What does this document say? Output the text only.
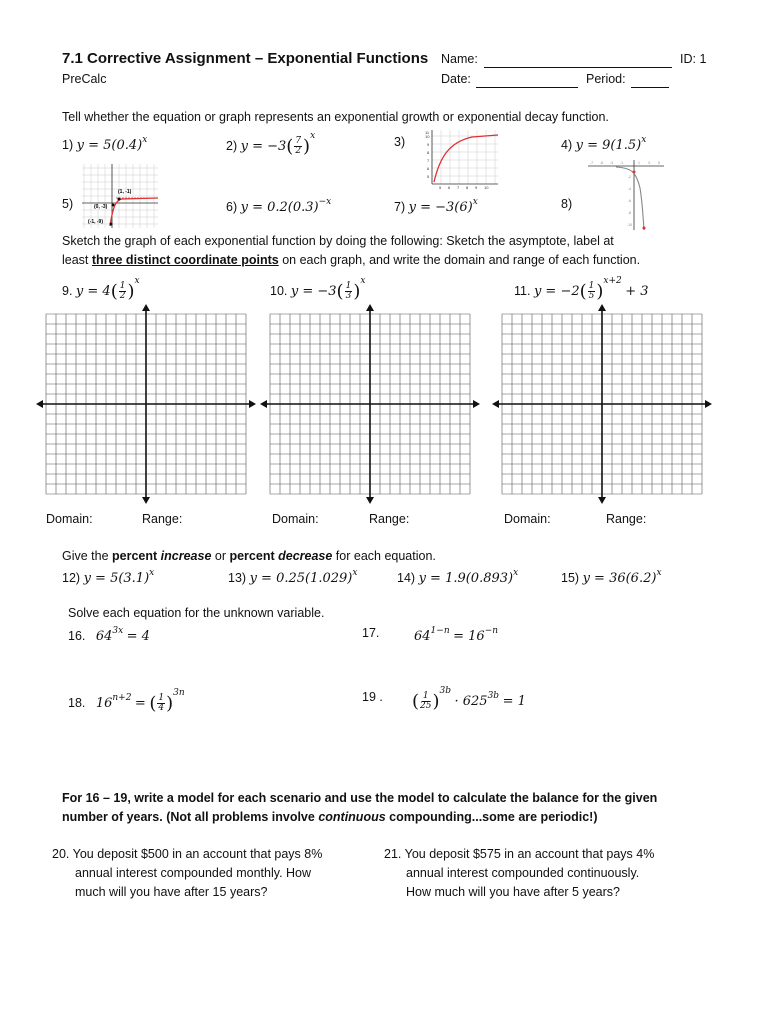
7.1 Corrective Assignment – Exponential Functions Name:	ID: 1
PreCalc	Date:	Period:
Tell whether the equation or graph represents an exponential growth or exponential decay function.
1) $y = 5(0.4)^x$	2) $y = -3( \frac{7}{2} )^x$	3)
11
10
9
8
7
6
5
5 6 7 8 9 10
4) $y = 9(1.5)^x$
5)
(1, -1)
(0, -3)
(-1, -9)
6) $y = 0.2(0.3)^{-x}$	7) $y = -3(6)^x$	8)
-7 -5 -3 -1	1 3 5
-2
-4
-6
-8
-10
Sketch the graph of each exponential function by doing the following: Sketch the asymptote, label at
least three distinct coordinate points on each graph, and write the domain and range of each function.
9. $y = 4( \frac{1}{2} )^x$
10. $y = -3( \frac{1}{3} )^x$
11. $y = -2( \frac{1}{5} )^{x+2} + 3$
Domain:	Range:	Domain:	Range:	Domain:	Range:
Give the percent increase or percent decrease for each equation.
12) $y = 5(3.1)^x$	13) $y = 0.25(1.029)^x$	14) $y = 1.9(0.893)^x$	15) $y = 36(6.2)^x$
Solve each equation for the unknown variable.
16. $64^{3x} = 4$	17.	$64^{1-n} = 16^{-n}$
18. $16^{n+2}$ = ( $\frac{1}{4} )^{3n}$	19 . ( $\frac{1}{25} )^{3b} \cdot 625^{3b} = 1$
For 16 – 19, write a model for each scenario and use the model to calculate the balance for the given
number of years. (Not all problems involve continuous compounding...some are periodic!)
20. You deposit $500 in an account that pays 8%
annual interest compounded monthly. How
much will you have after 15 years?
21. You deposit $575 in an account that pays 4%
annual interest compounded continuously.
How much will you have after 5 years?
